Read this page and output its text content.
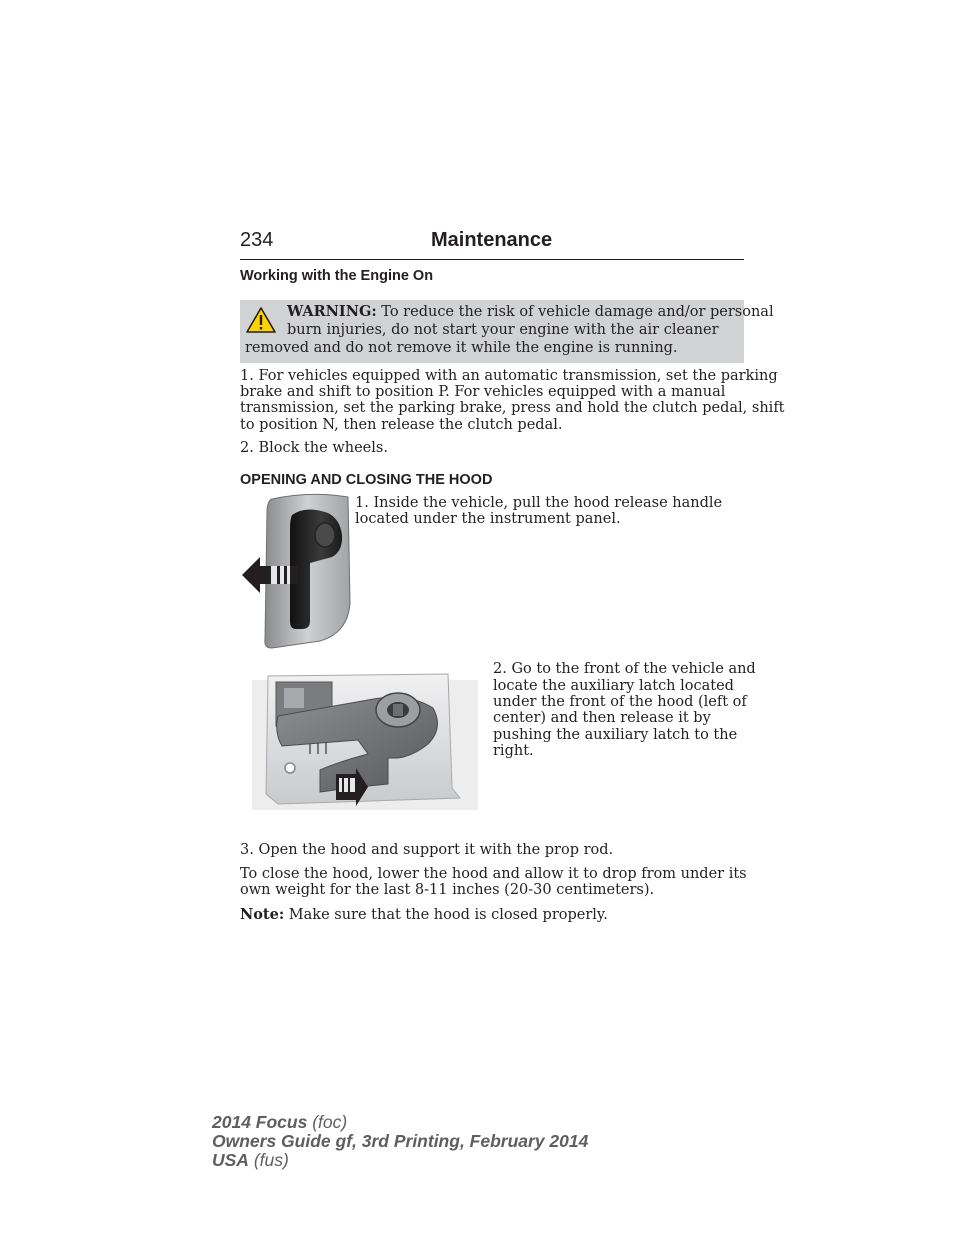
234	Maintenance
Working with the Engine On
WARNING: To reduce the risk of vehicle damage and/or personal
burn injuries, do not start your engine with the air cleaner
removed and do not remove it while the engine is running.
1. For vehicles equipped with an automatic transmission, set the parking
brake and shift to position P. For vehicles equipped with a manual
transmission, set the parking brake, press and hold the clutch pedal, shift
to position N, then release the clutch pedal.
2. Block the wheels.
OPENING AND CLOSING THE HOOD
1. Inside the vehicle, pull the hood release handle
located under the instrument panel.
2. Go to the front of the vehicle and
locate the auxiliary latch located
under the front of the hood (left of
center) and then release it by
pushing the auxiliary latch to the
right.
3. Open the hood and support it with the prop rod.
To close the hood, lower the hood and allow it to drop from under its
own weight for the last 8-11 inches (20-30 centimeters).
Note: Make sure that the hood is closed properly.
2014 Focus (foc)
Owners Guide gf, 3rd Printing, February 2014
USA (fus)
